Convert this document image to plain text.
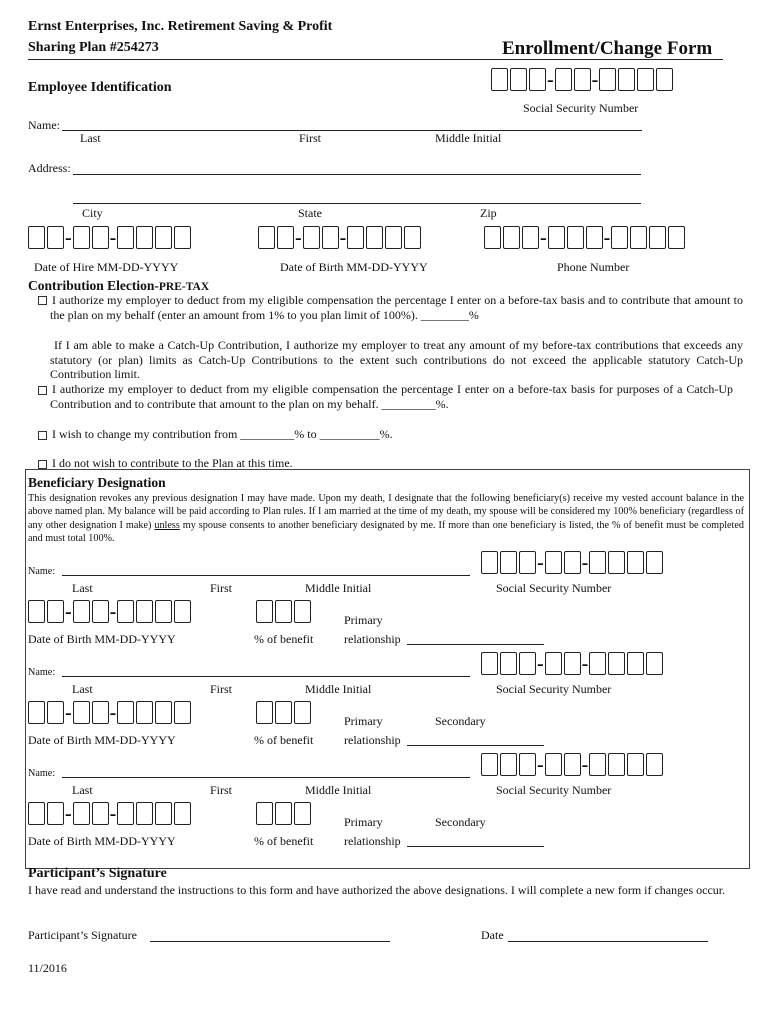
Ernst Enterprises, Inc. Retirement Saving & Profit
Sharing Plan #254273	Enrollment/Change Form
Employee Identification	- -
Social Security Number
Name:
Last	First	Middle Initial
Address:
City	State	Zip
- -	- -	-	-
Date of Hire MM-DD-YYYY	Date of Birth MM-DD-YYYY	Phone Number
Contribution Election-PRE-TAX
I authorize my employer to deduct from my eligible compensation the percentage I enter on a before-tax basis and to contribute that amount to the plan on my behalf (enter an amount from 1% to you plan limit of 100%). ________%
If I am able to make a Catch-Up Contribution, I authorize my employer to treat any amount of my before-tax contributions that exceeds any statutory (or plan) limits as Catch-Up Contributions to the extent such contributions do not exceed the applicable statutory Catch-Up Contribution limit.
I authorize my employer to deduct from my eligible compensation the percentage I enter on a before-tax basis for purposes of a Catch-Up Contribution and to contribute that amount to the plan on my behalf. _________%.
I wish to change my contribution from _________% to __________%.
I do not wish to contribute to the Plan at this time.
Beneficiary Designation
This designation revokes any previous designation I may have made. Upon my death, I designate that the following beneficiary(s) receive my vested account balance in the above named plan. My balance will be paid according to Plan rules. If I am married at the time of my death, my spouse will be considered my 100% beneficiary (regardless of any other designation I make) unless my spouse consents to another beneficiary designated by me. If more than one beneficiary is listed, the % of benefit must be completed and must total 100%.
Name:	- -
Last	First	Middle Initial	Social Security Number
- -	Primary
Date of Birth MM-DD-YYYY	% of benefit	relationship
Name:	- -
Last	First	Middle Initial	Social Security Number
- -	Primary	Secondary
Date of Birth MM-DD-YYYY	% of benefit	relationship
Name:	- -
Last	First	Middle Initial	Social Security Number
- -	Primary	Secondary
Date of Birth MM-DD-YYYY	% of benefit	relationship
Participant’s Signature
I have read and understand the instructions to this form and have authorized the above designations. I will complete a new form if changes occur.
Participant’s Signature	Date
11/2016
